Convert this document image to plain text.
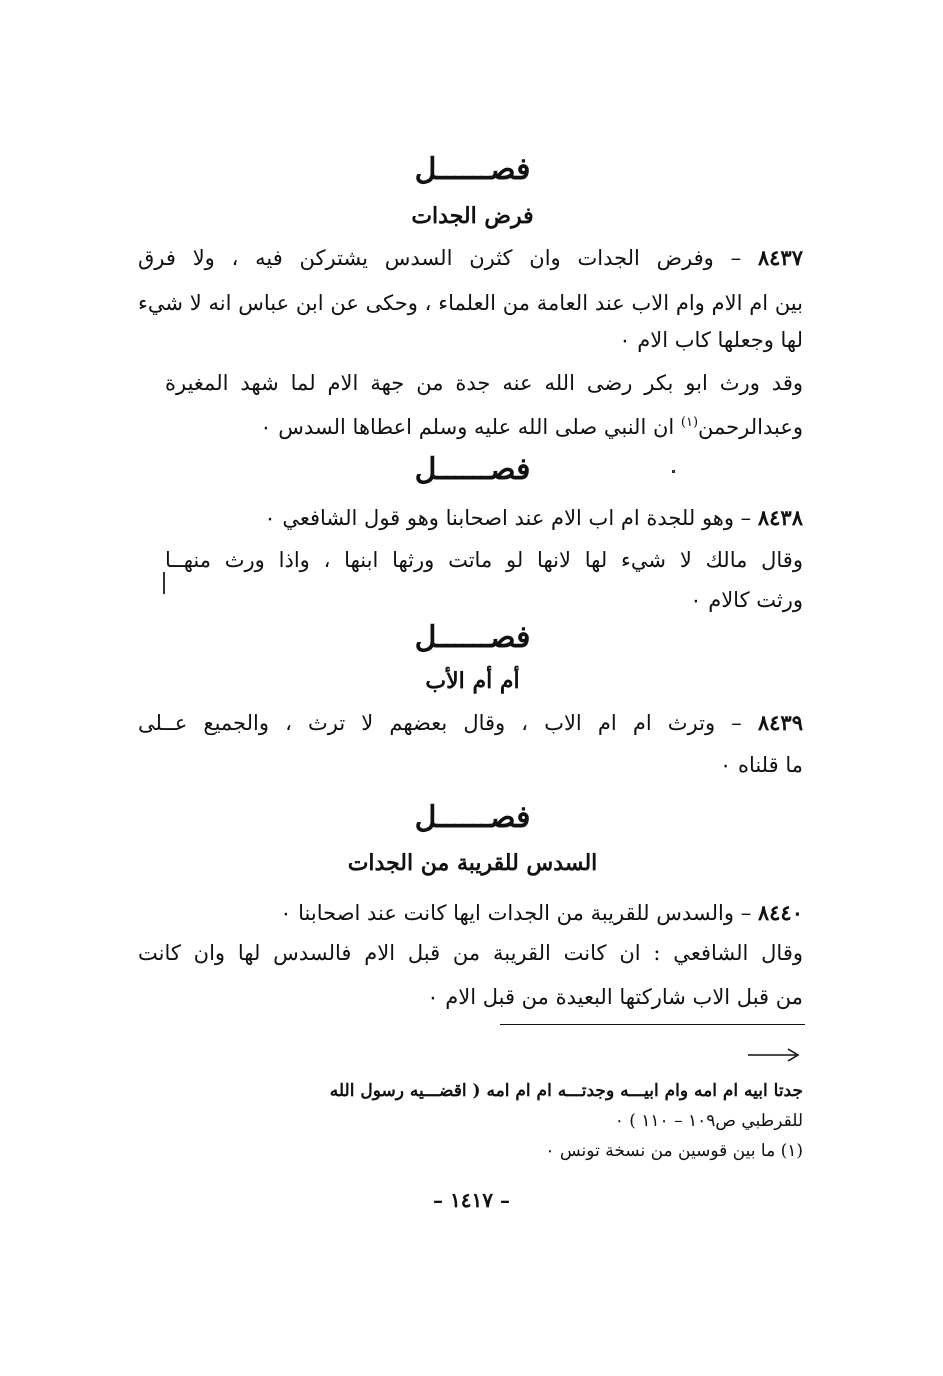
فصــــــل
فرض الجدات
٨٤٣٧ – وفرض الجدات وان كثرن السدس يشتركن فيه ، ولا فرق
بين ام الام وام الاب عند العامة من العلماء ، وحكى عن ابن عباس انه لا شيء
لها وجعلها كاب الام ٠
وقد ورث ابو بكر رضى الله عنه جدة من جهة الام لما شهد المغيرة
وعبدالرحمن$^{(١)}$ ان النبي صلى الله عليه وسلم اعطاها السدس ٠
فصــــــل
٨٤٣٨ – وهو للجدة ام اب الام عند اصحابنا وهو قول الشافعي ٠
وقال مالك لا شيء لها لانها لو ماتت ورثها ابنها ، واذا ورث منهــا
ورثت كالام ٠
فصــــــل
أم أم الأب
٨٤٣٩ – وترث ام ام الاب ، وقال بعضهم لا ترث ، والجميع عــلى
ما قلناه ٠
فصــــــل
السدس للقريبة من الجدات
٨٤٤٠ – والسدس للقريبة من الجدات ايها كانت عند اصحابنا ٠
وقال الشافعي : ان كانت القريبة من قبل الام فالسدس لها وان كانت
من قبل الاب شاركتها البعيدة من قبل الام ٠
جدتا ابيه ام امه وام ابيـــه وجدتـــه ام ام امه ( اقضـــيه رسول الله
للقرطبي ص١٠٩ – ١١٠ ) ٠
(١) ما بين قوسين من نسخة تونس ٠
– ١٤١٧ –
